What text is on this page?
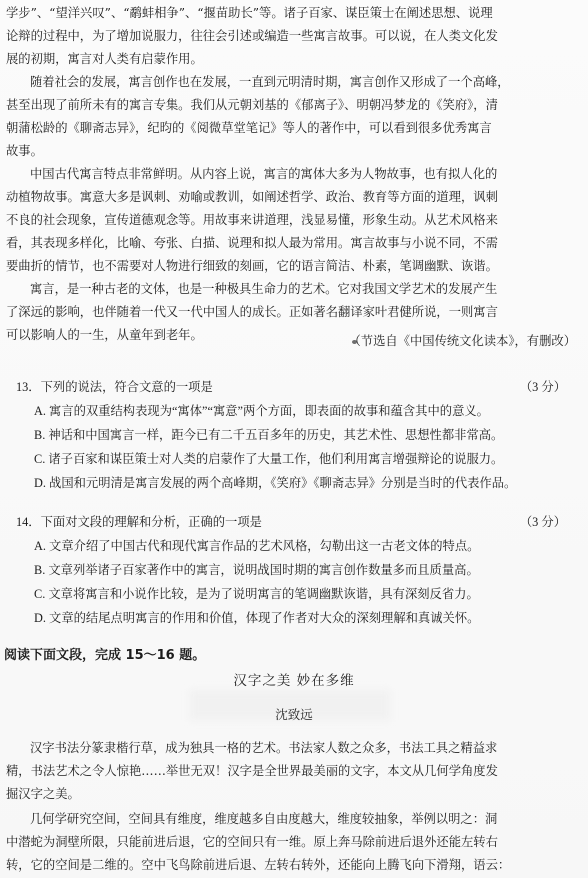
学步”、“望洋兴叹”、“鹬蚌相争”、“揠苗助长”等。诸子百家、谋臣策士在阐述思想、说理
论辩的过程中，为了增加说服力，往往会引述或编造一些寓言故事。可以说，在人类文化发
展的初期，寓言对人类有启蒙作用。
随着社会的发展，寓言创作也在发展，一直到元明清时期，寓言创作又形成了一个高峰，
甚至出现了前所未有的寓言专集。我们从元朝刘基的《郁离子》、明朝冯梦龙的《笑府》，清
朝蒲松龄的《聊斋志异》，纪昀的《阅微草堂笔记》等人的著作中，可以看到很多优秀寓言
故事。
中国古代寓言特点非常鲜明。从内容上说，寓言的寓体大多为人物故事，也有拟人化的
动植物故事。寓意大多是讽刺、劝喻或教训，如阐述哲学、政治、教育等方面的道理，讽刺
不良的社会现象，宣传道德观念等。用故事来讲道理，浅显易懂，形象生动。从艺术风格来
看，其表现多样化，比喻、夸张、白描、说理和拟人最为常用。寓言故事与小说不同，不需
要曲折的情节，也不需要对人物进行细致的刻画，它的语言简洁、朴素，笔调幽默、诙谐。
寓言，是一种古老的文体，也是一种极具生命力的艺术。它对我国文学艺术的发展产生
了深远的影响，也伴随着一代又一代中国人的成长。正如著名翻译家叶君健所说，一则寓言
可以影响人的一生，从童年到老年。	（节选自《中国传统文化读本》，有删改）
13．下列的说法，符合文意的一项是	（3 分）
A. 寓言的双重结构表现为“寓体”“寓意”两个方面，即表面的故事和蕴含其中的意义。
B. 神话和中国寓言一样，距今已有二千五百多年的历史，其艺术性、思想性都非常高。
C. 诸子百家和谋臣策士对人类的启蒙作了大量工作，他们利用寓言增强辩论的说服力。
D. 战国和元明清是寓言发展的两个高峰期，《笑府》《聊斋志异》分别是当时的代表作品。
14．下面对文段的理解和分析，正确的一项是	（3 分）
A. 文章介绍了中国古代和现代寓言作品的艺术风格，勾勒出这一古老文体的特点。
B. 文章列举诸子百家著作中的寓言，说明战国时期的寓言创作数量多而且质量高。
C. 文章将寓言和小说作比较，是为了说明寓言的笔调幽默诙谐，具有深刻反省力。
D. 文章的结尾点明寓言的作用和价值，体现了作者对大众的深刻理解和真诚关怀。
阅读下面文段，完成 15～16 题。
汉字之美 妙在多维
沈致远
汉字书法分篆隶楷行草，成为独具一格的艺术。书法家人数之众多，书法工具之精益求
精，书法艺术之令人惊艳……举世无双！汉字是全世界最美丽的文字，本文从几何学角度发
掘汉字之美。
几何学研究空间，空间具有维度，维度越多自由度越大，维度较抽象，举例以明之：洞
中潜蛇为洞壁所限，只能前进后退，它的空间只有一维。原上奔马除前进后退外还能左转右
转，它的空间是二维的。空中飞鸟除前进后退、左转右转外，还能向上腾飞向下滑翔，语云：
